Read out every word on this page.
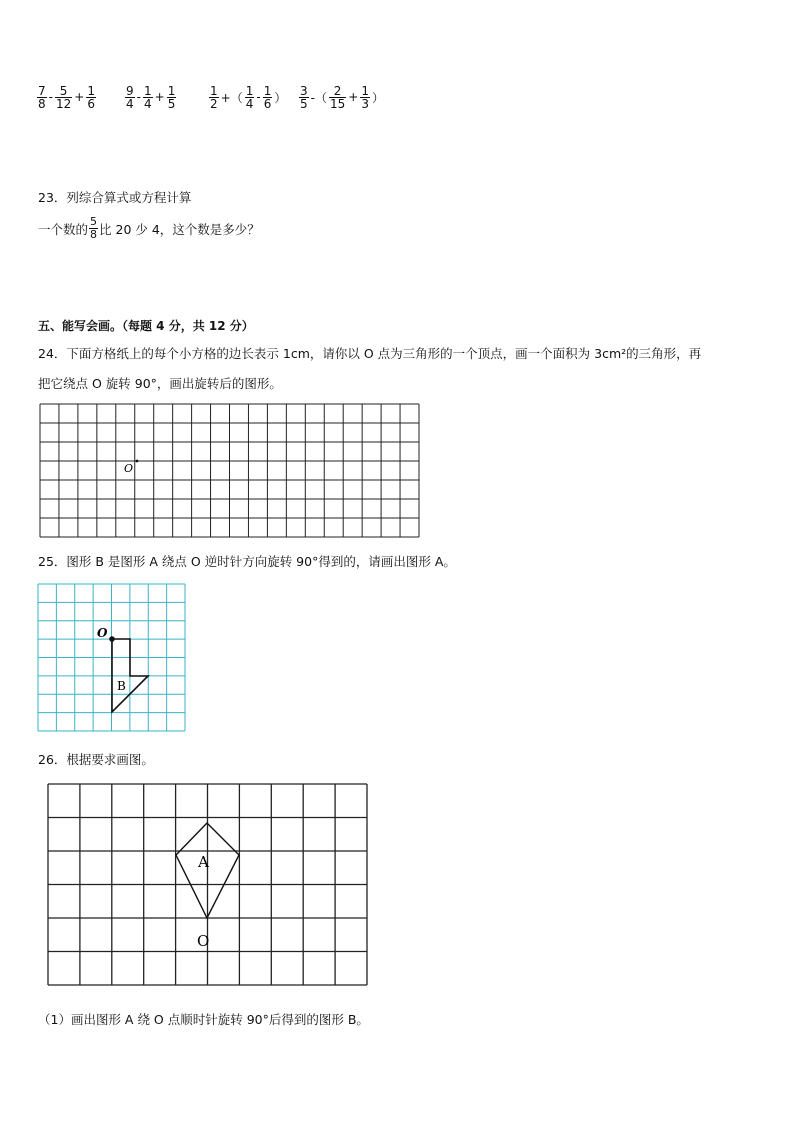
$\frac{7}{8} - \frac{5}{12} + \frac{1}{6} \frac{9}{4} - \frac{1}{4} + \frac{1}{5}$	$\frac{1}{2}$ +（ $\frac{1}{4} - \frac{1}{6}$ ） $\frac{3}{5}$ -（ $\frac{2}{15} + \frac{1}{3}$ ）
23．列综合算式或方程计算
一个数的 $\frac{5}{8}$ 比 20 少 4，这个数是多少？
五、能写会画。（每题 4 分，共 12 分）
24．下面方格纸上的每个小方格的边长表示 1cm，请你以 O 点为三角形的一个顶点，画一个面积为 3cm²的三角形，再
把它绕点 O 旋转 90°，画出旋转后的图形。
O
25．图形 B 是图形 A 绕点 O 逆时针方向旋转 90°得到的，请画出图形 A。
O
B
26．根据要求画图。
A
O
（1）画出图形 A 绕 O 点顺时针旋转 90°后得到的图形 B。
